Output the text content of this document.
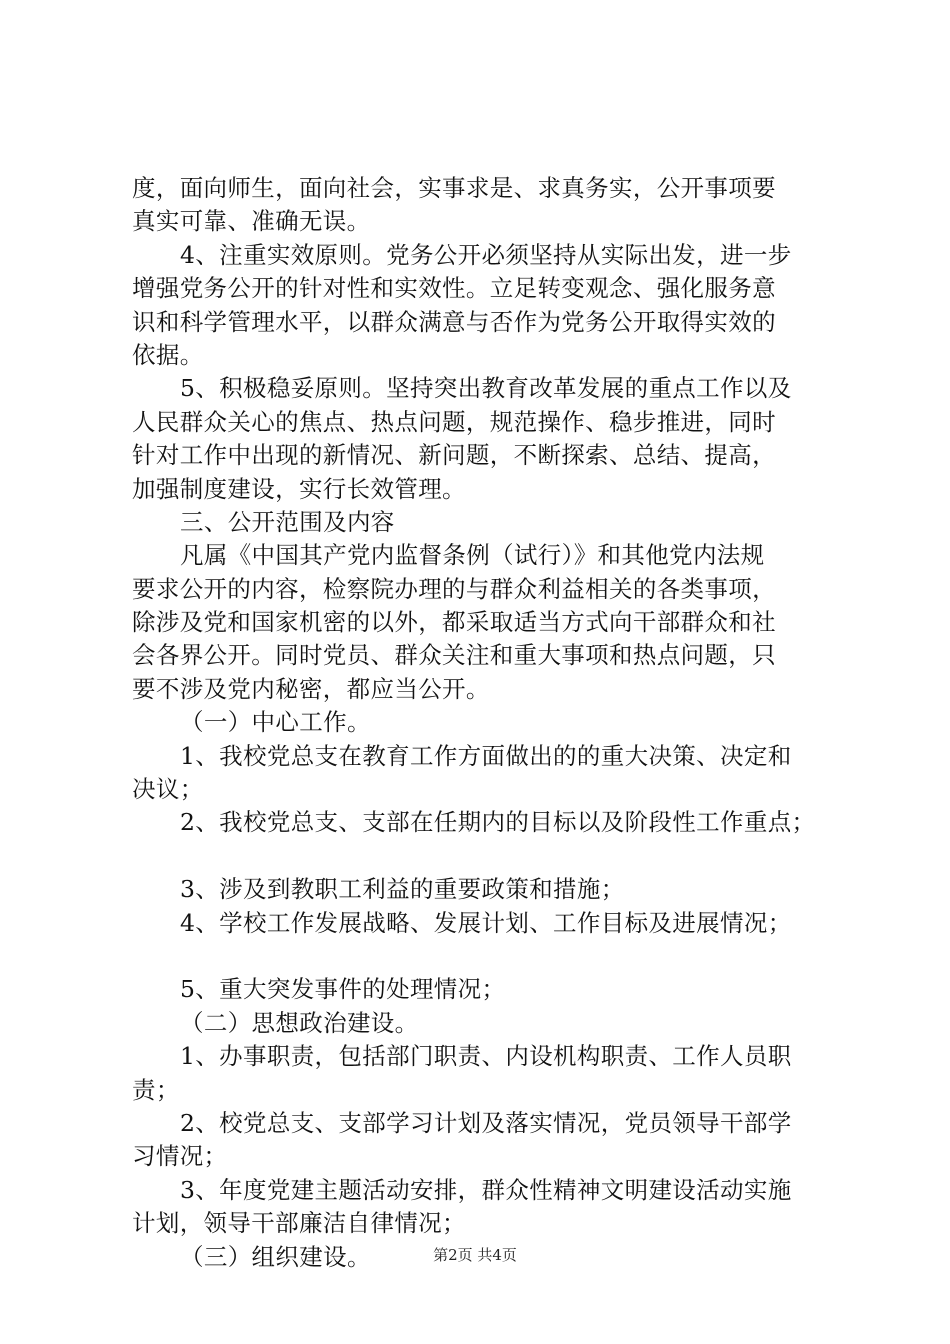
度，面向师生，面向社会，实事求是、求真务实，公开事项要
真实可靠、准确无误。
4、注重实效原则。党务公开必须坚持从实际出发，进一步
增强党务公开的针对性和实效性。立足转变观念、强化服务意
识和科学管理水平，以群众满意与否作为党务公开取得实效的
依据。
5、积极稳妥原则。坚持突出教育改革发展的重点工作以及
人民群众关心的焦点、热点问题，规范操作、稳步推进，同时
针对工作中出现的新情况、新问题，不断探索、总结、提高，
加强制度建设，实行长效管理。
三、公开范围及内容
凡属《中国其产党内监督条例（试行）》和其他党内法规
要求公开的内容，检察院办理的与群众利益相关的各类事项，
除涉及党和国家机密的以外，都采取适当方式向干部群众和社
会各界公开。同时党员、群众关注和重大事项和热点问题，只
要不涉及党内秘密，都应当公开。
（一）中心工作。
1、我校党总支在教育工作方面做出的的重大决策、决定和
决议；
2、我校党总支、支部在任期内的目标以及阶段性工作重点；
3、涉及到教职工利益的重要政策和措施；
4、学校工作发展战略、发展计划、工作目标及进展情况；
5、重大突发事件的处理情况；
（二）思想政治建设。
1、办事职责，包括部门职责、内设机构职责、工作人员职
责；
2、校党总支、支部学习计划及落实情况，党员领导干部学
习情况；
3、年度党建主题活动安排，群众性精神文明建设活动实施
计划，领导干部廉洁自律情况；
（三）组织建设。	第2页 共4页
